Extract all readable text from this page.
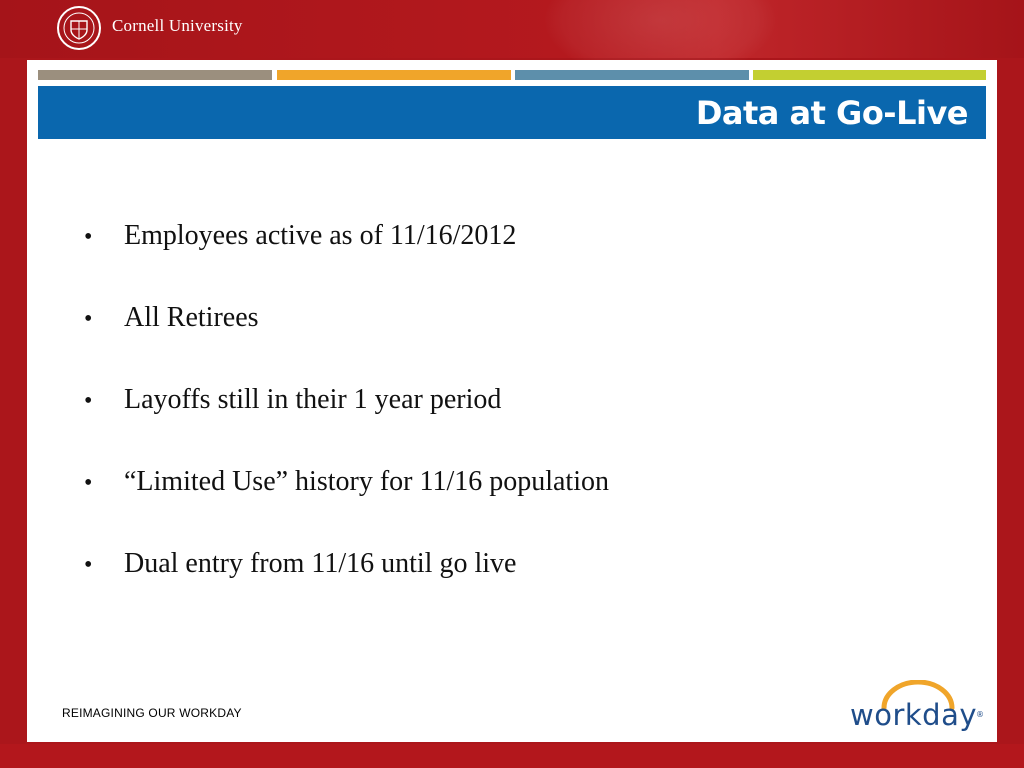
Cornell University
Data at Go-Live
•	Employees active as of 11/16/2012
•	All Retirees
•	Layoffs still in their 1 year period
•	“Limited Use” history for 11/16 population
•	Dual entry from 11/16 until go live
REIMAGINING OUR WORKDAY	workday
®
